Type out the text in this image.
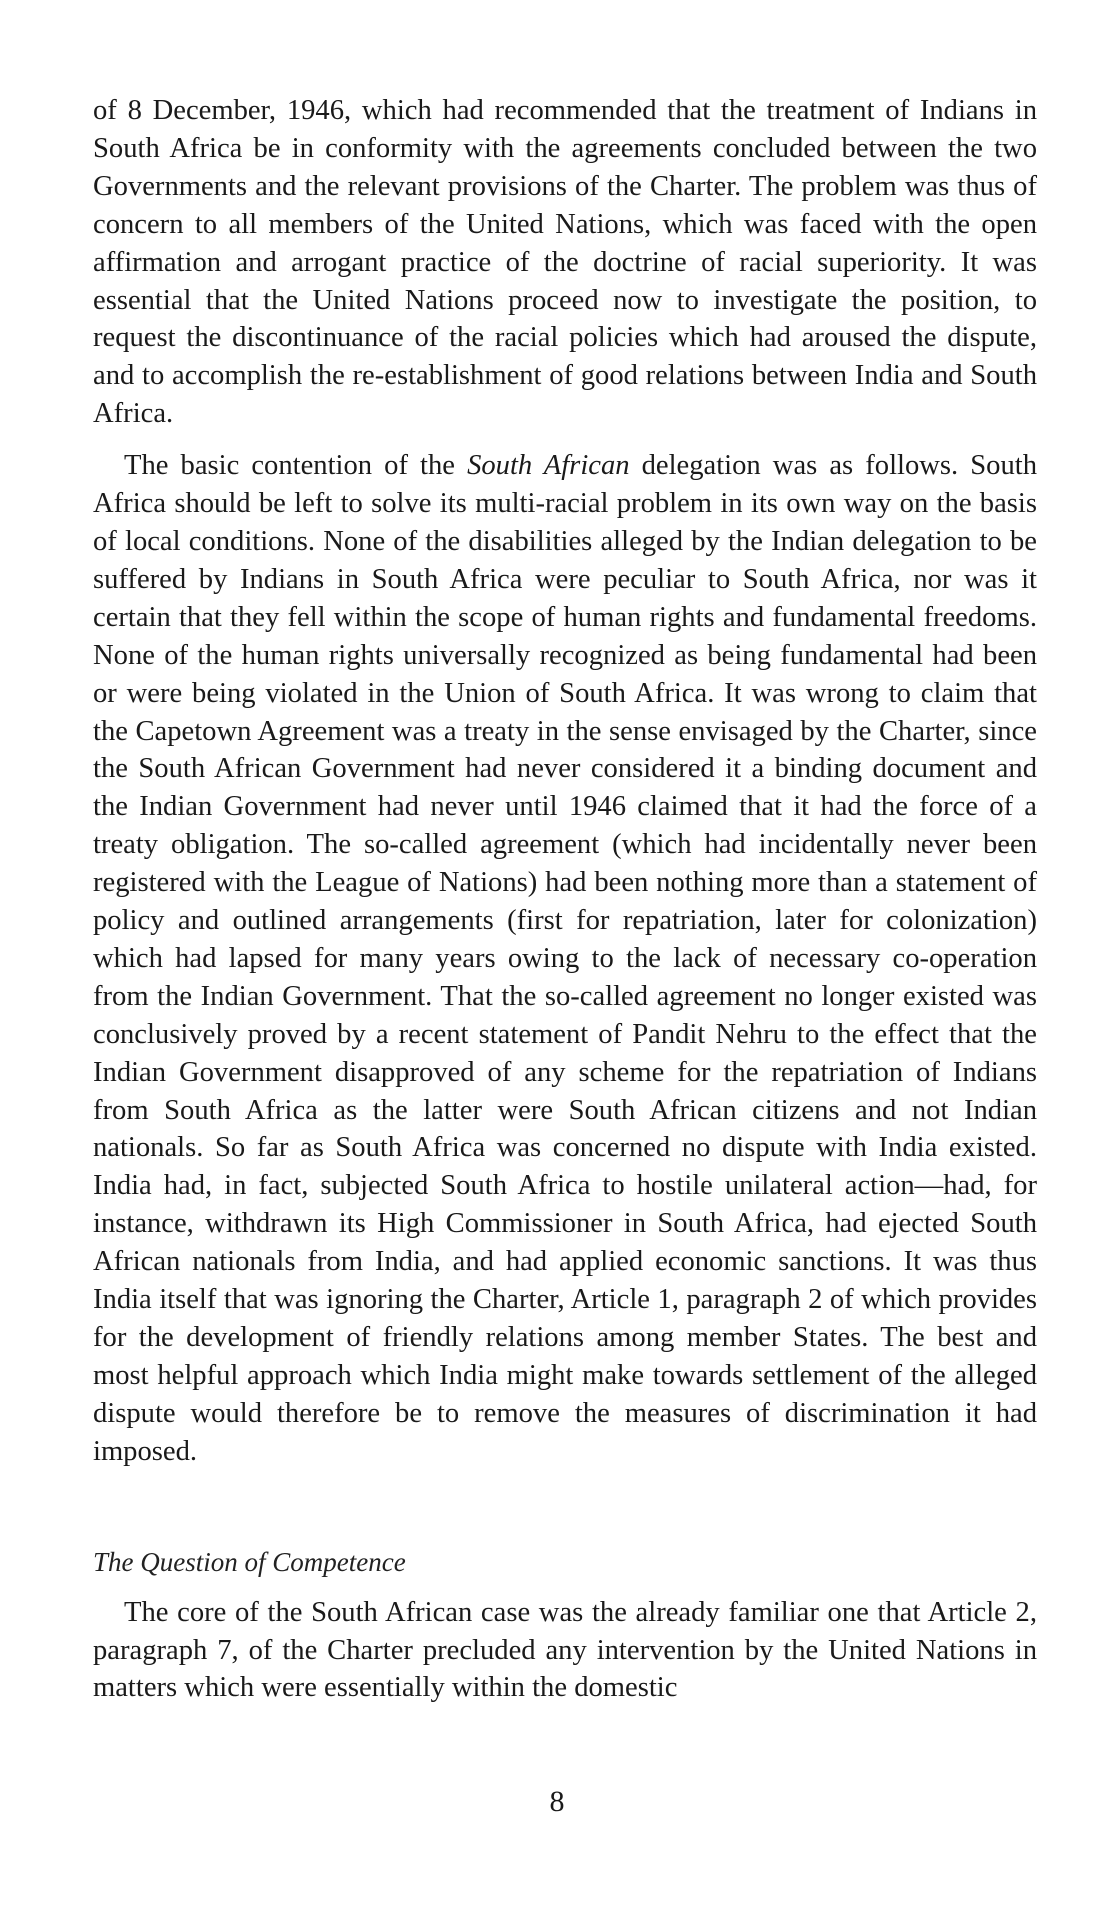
of 8 December, 1946, which had recommended that the treatment of Indians in South Africa be in conformity with the agreements concluded between the two Governments and the relevant provisions of the Charter. The problem was thus of concern to all members of the United Nations, which was faced with the open affirmation and arrogant practice of the doctrine of racial superiority. It was essential that the United Nations proceed now to investigate the position, to request the discontinuance of the racial policies which had aroused the dispute, and to accomplish the re-establishment of good relations between India and South Africa.

The basic contention of the South African delegation was as follows. South Africa should be left to solve its multi-racial problem in its own way on the basis of local conditions. None of the disabilities alleged by the Indian delegation to be suffered by Indians in South Africa were peculiar to South Africa, nor was it certain that they fell within the scope of human rights and fundamental freedoms. None of the human rights universally recognized as being fundamental had been or were being violated in the Union of South Africa. It was wrong to claim that the Capetown Agreement was a treaty in the sense envisaged by the Charter, since the South African Government had never considered it a binding document and the Indian Government had never until 1946 claimed that it had the force of a treaty obligation. The so-called agreement (which had incidentally never been registered with the League of Nations) had been nothing more than a statement of policy and outlined arrangements (first for repatriation, later for colonization) which had lapsed for many years owing to the lack of necessary co-operation from the Indian Government. That the so-called agreement no longer existed was conclusively proved by a recent statement of Pandit Nehru to the effect that the Indian Government disapproved of any scheme for the repatriation of Indians from South Africa as the latter were South African citizens and not Indian nationals. So far as South Africa was concerned no dispute with India existed. India had, in fact, subjected South Africa to hostile unilateral action—had, for instance, withdrawn its High Commissioner in South Africa, had ejected South African nationals from India, and had applied economic sanctions. It was thus India itself that was ignoring the Charter, Article 1, paragraph 2 of which provides for the development of friendly relations among member States. The best and most helpful approach which India might make towards settlement of the alleged dispute would therefore be to remove the measures of discrimination it had imposed.

The Question of Competence

The core of the South African case was the already familiar one that Article 2, paragraph 7, of the Charter precluded any intervention by the United Nations in matters which were essentially within the domestic

8
